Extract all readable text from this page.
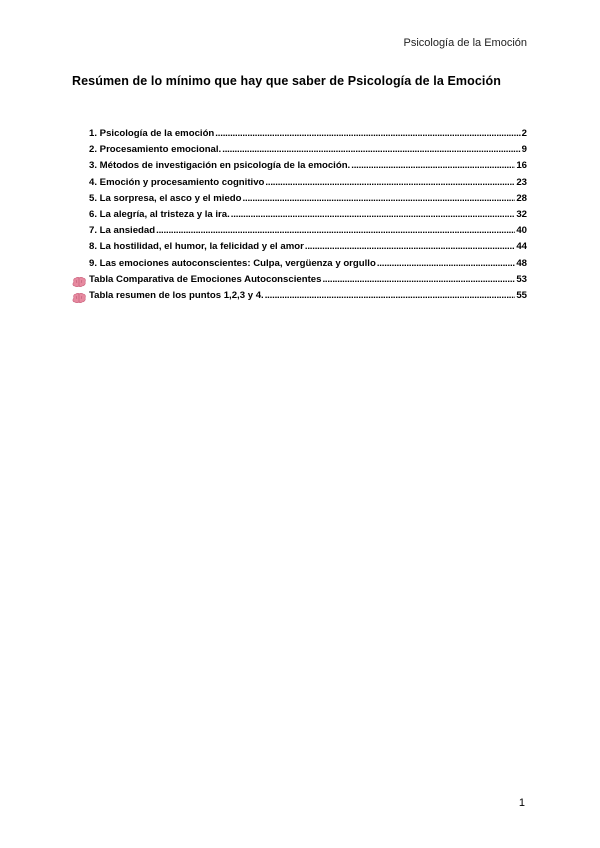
Psicología de la Emoción
Resúmen de lo mínimo que hay que saber de Psicología de la Emoción
1. Psicología de la emoción .....	2
2. Procesamiento emocional. .....	9
3. Métodos de investigación en psicología de la emoción. .....	16
4. Emoción y procesamiento cognitivo .....	23
5. La sorpresa, el asco y el miedo .....	28
6. La alegría, al tristeza y la ira. .....	32
7. La ansiedad .....	40
8. La hostilidad, el humor, la felicidad y el amor .....	44
9. Las emociones autoconscientes: Culpa, vergüenza y orgullo .....	48
Tabla Comparativa de Emociones Autoconscientes .....	53
Tabla resumen de los puntos 1,2,3 y 4. .....	55
1
